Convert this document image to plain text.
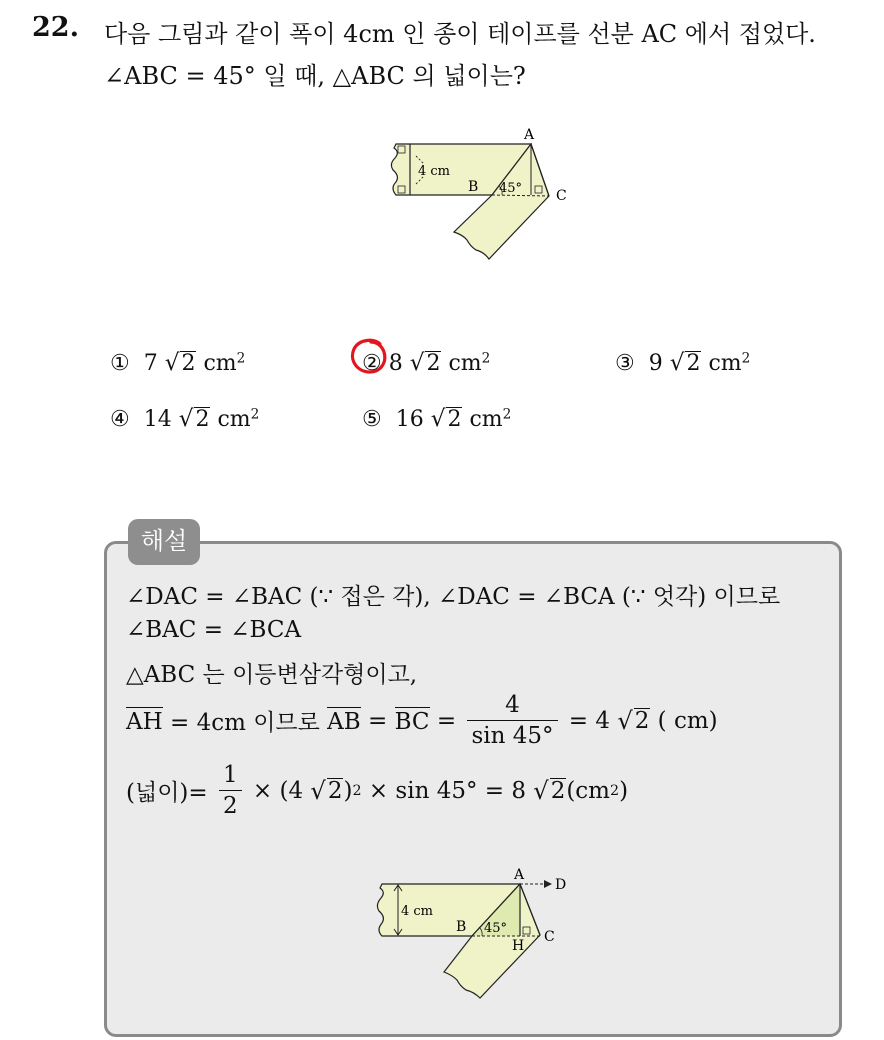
22. 다음 그림과 같이 폭이 4cm 인 종이 테이프를 선분 AC 에서 접었다.
∠ABC = 45° 일 때, △ABC 의 넓이는?
A
B
C
4 cm
45°
① 7 √2 $cm^2$	② 8 √2 $cm^2$	③ 9 √2 $cm^2$
④ 14 √2 $cm^2$	⑤ 16 √2 $cm^2$
해설
∠DAC = ∠BAC (∵ 접은 각), ∠DAC = ∠BCA (∵ 엇각) 이므로
∠BAC = ∠BCA
△ABC 는 이등변삼각형이고,
AH = 4cm 이므로 AB = BC = $\frac{4}{\sin 45^\circ} = 4$ √ 2 ( cm)
(넓이)= $\frac{1}{2} \times (4$ √ 2 ) 2 × sin 45° = 8 √ 2 (cm 2 )
A
D
B
C
H
4 cm
45°
